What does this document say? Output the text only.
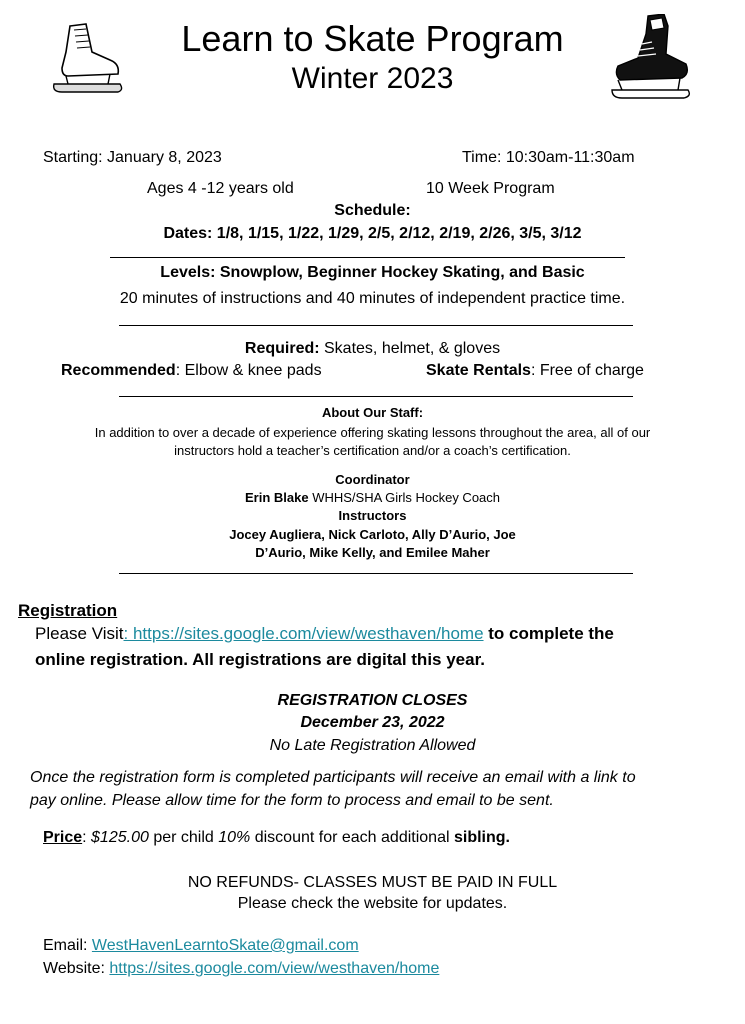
Learn to Skate Program
Winter 2023
Starting: January 8, 2023	Time: 10:30am-11:30am
Ages 4 -12 years old	10 Week Program
Schedule:
Dates: 1/8, 1/15, 1/22, 1/29, 2/5, 2/12, 2/19, 2/26, 3/5, 3/12
Levels: Snowplow, Beginner Hockey Skating, and Basic
20 minutes of instructions and 40 minutes of independent practice time.
Required: Skates, helmet, & gloves
Recommended: Elbow & knee pads	Skate Rentals: Free of charge
About Our Staff:
In addition to over a decade of experience offering skating lessons throughout the area, all of our
instructors hold a teacher’s certification and/or a coach’s certification.
Coordinator
Erin Blake WHHS/SHA Girls Hockey Coach
Instructors
Jocey Augliera, Nick Carloto, Ally D’Aurio, Joe
D’Aurio, Mike Kelly, and Emilee Maher
Registration
Please Visit: https://sites.google.com/view/westhaven/home to complete the
online registration. All registrations are digital this year.
REGISTRATION CLOSES
December 23, 2022
No Late Registration Allowed
Once the registration form is completed participants will receive an email with a link to
pay online. Please allow time for the form to process and email to be sent.
Price: $125.00 per child 10% discount for each additional sibling.
NO REFUNDS- CLASSES MUST BE PAID IN FULL
Please check the website for updates.
Email: WestHavenLearntoSkate@gmail.com
Website: https://sites.google.com/view/westhaven/home
